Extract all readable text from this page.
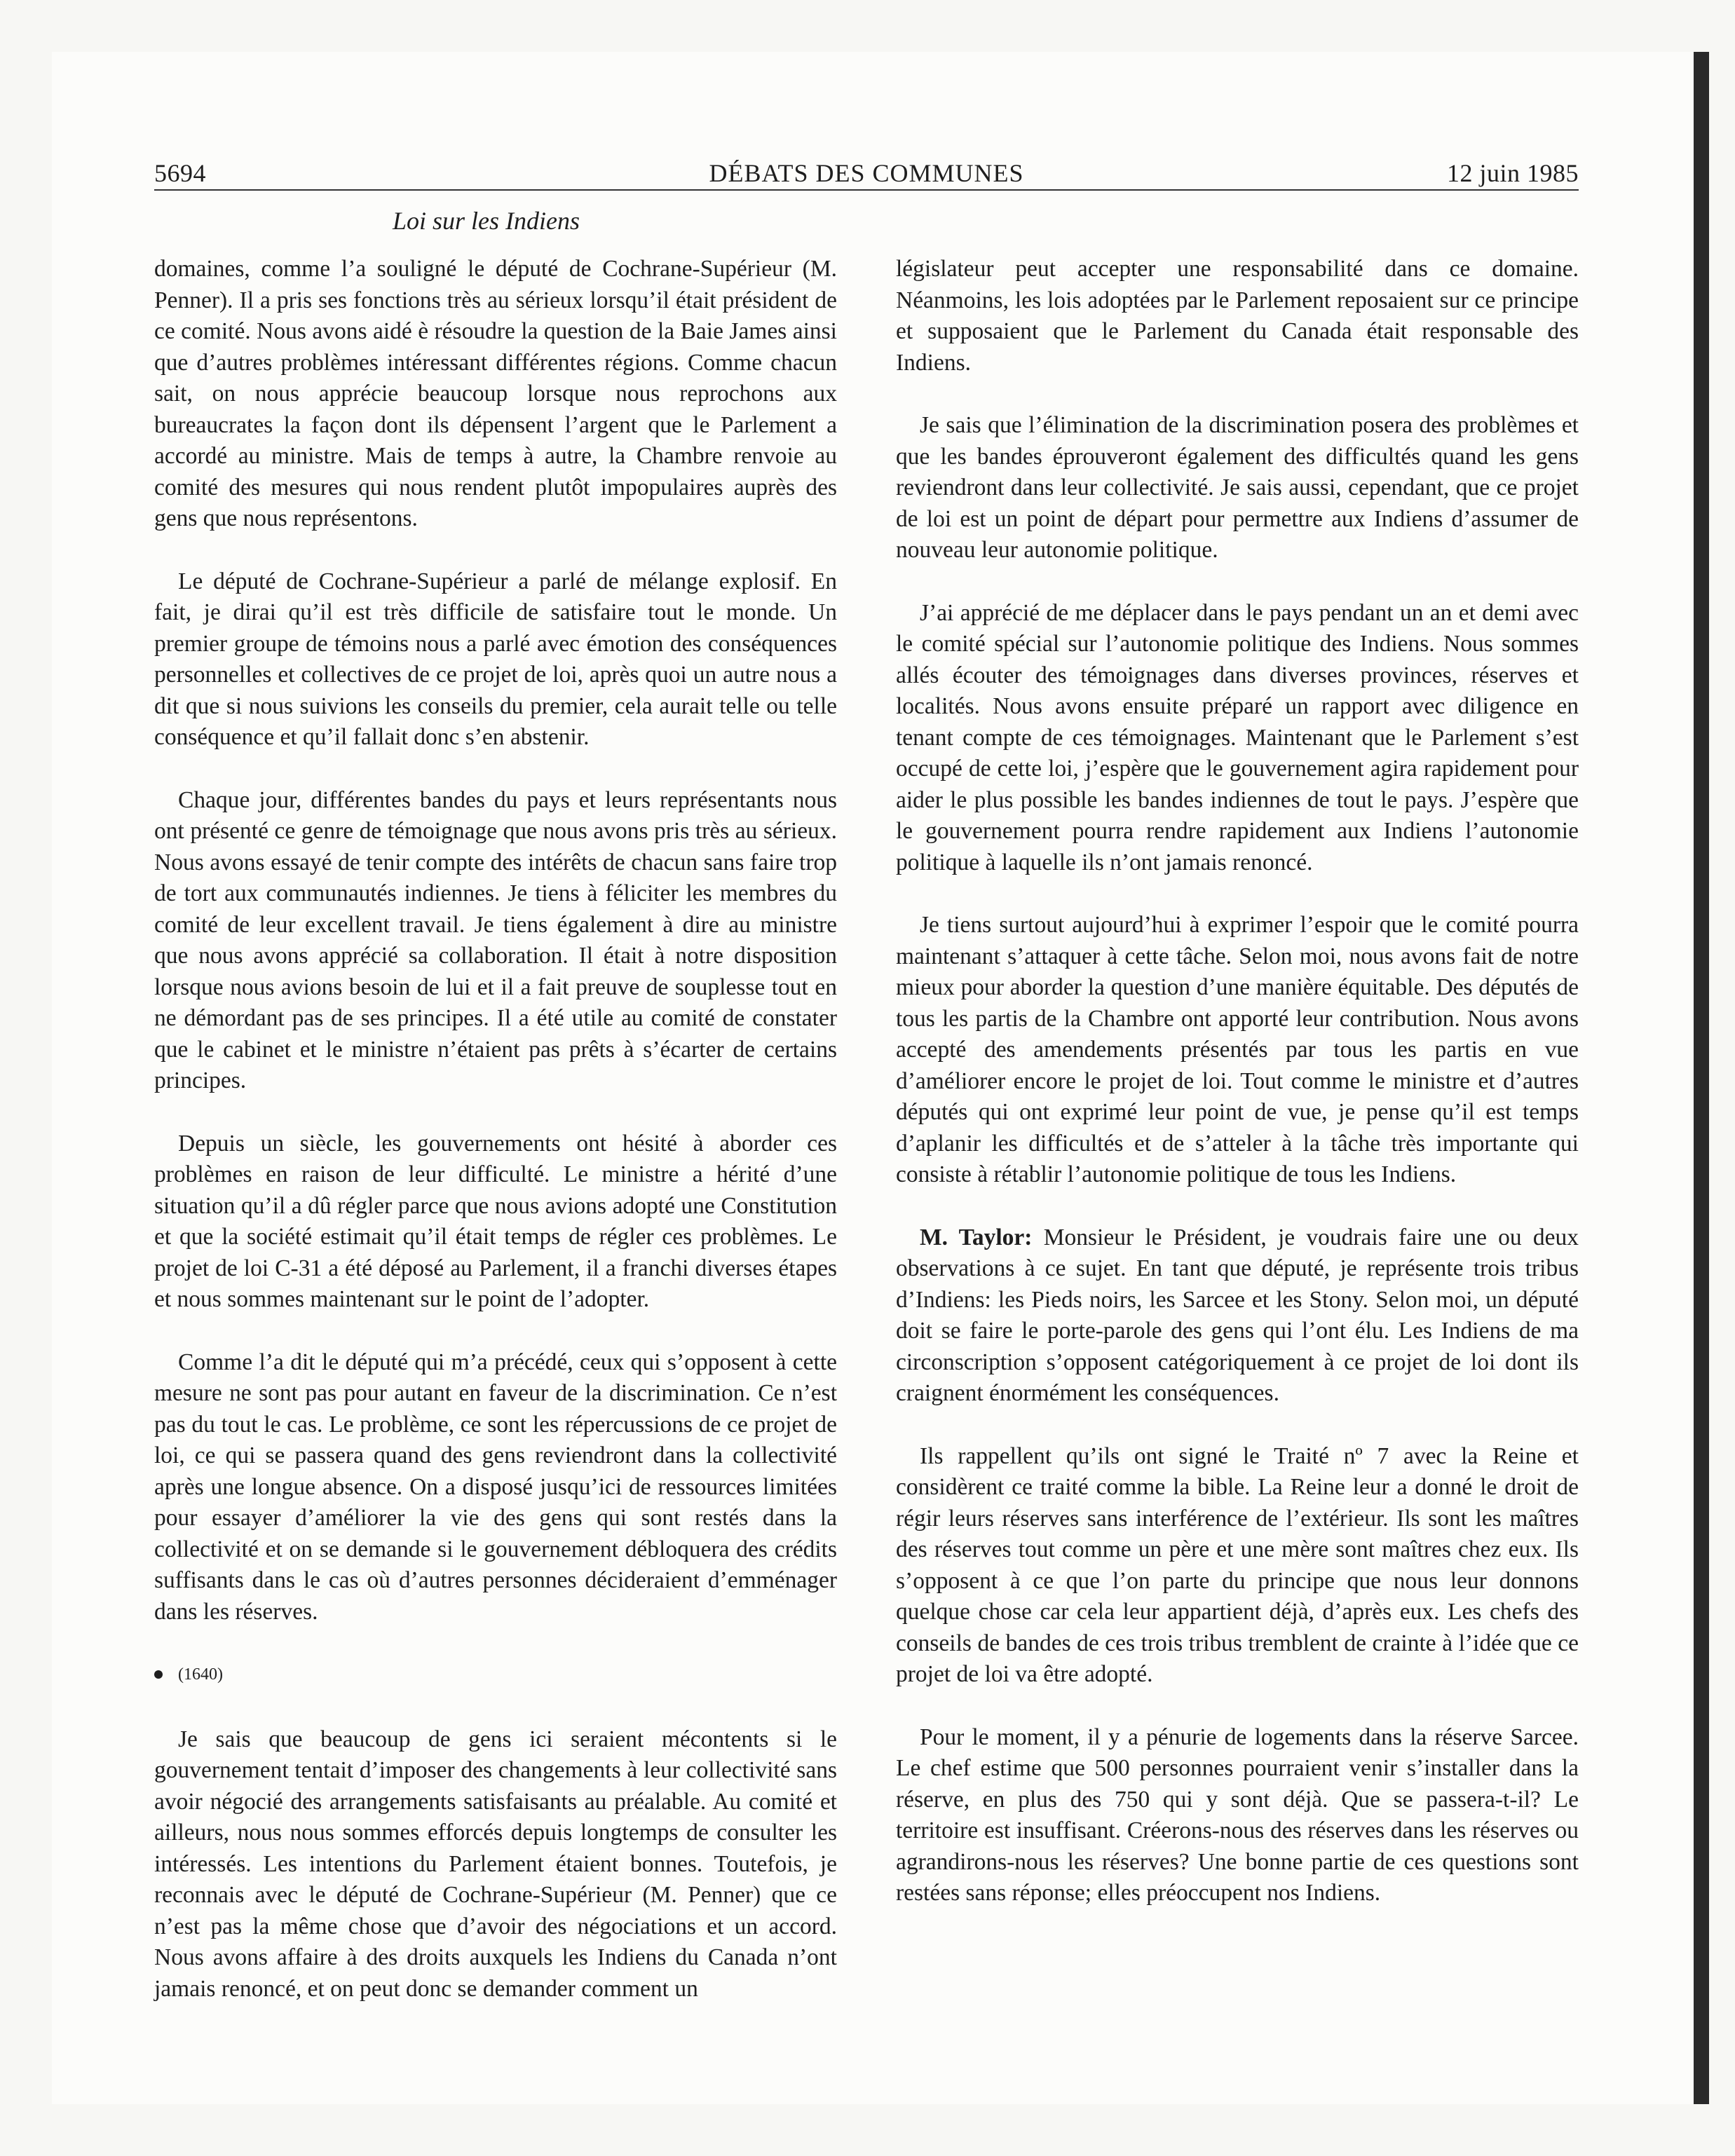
5694	DÉBATS DES COMMUNES	12 juin 1985
Loi sur les Indiens

domaines, comme l’a souligné le député de Cochrane-Supérieur (M. Penner). Il a pris ses fonctions très au sérieux lorsqu’il était président de ce comité. Nous avons aidé è résoudre la question de la Baie James ainsi que d’autres problèmes intéressant différentes régions. Comme chacun sait, on nous apprécie beaucoup lorsque nous reprochons aux bureaucrates la façon dont ils dépensent l’argent que le Parlement a accordé au ministre. Mais de temps à autre, la Chambre renvoie au comité des mesures qui nous rendent plutôt impopulaires auprès des gens que nous représentons.

Le député de Cochrane-Supérieur a parlé de mélange explosif. En fait, je dirai qu’il est très difficile de satisfaire tout le monde. Un premier groupe de témoins nous a parlé avec émotion des conséquences personnelles et collectives de ce projet de loi, après quoi un autre nous a dit que si nous suivions les conseils du premier, cela aurait telle ou telle conséquence et qu’il fallait donc s’en abstenir.

Chaque jour, différentes bandes du pays et leurs représentants nous ont présenté ce genre de témoignage que nous avons pris très au sérieux. Nous avons essayé de tenir compte des intérêts de chacun sans faire trop de tort aux communautés indiennes. Je tiens à féliciter les membres du comité de leur excellent travail. Je tiens également à dire au ministre que nous avons apprécié sa collaboration. Il était à notre disposition lorsque nous avions besoin de lui et il a fait preuve de souplesse tout en ne démordant pas de ses principes. Il a été utile au comité de constater que le cabinet et le ministre n’étaient pas prêts à s’écarter de certains principes.

Depuis un siècle, les gouvernements ont hésité à aborder ces problèmes en raison de leur difficulté. Le ministre a hérité d’une situation qu’il a dû régler parce que nous avions adopté une Constitution et que la société estimait qu’il était temps de régler ces problèmes. Le projet de loi C-31 a été déposé au Parlement, il a franchi diverses étapes et nous sommes maintenant sur le point de l’adopter.

Comme l’a dit le député qui m’a précédé, ceux qui s’opposent à cette mesure ne sont pas pour autant en faveur de la discrimination. Ce n’est pas du tout le cas. Le problème, ce sont les répercussions de ce projet de loi, ce qui se passera quand des gens reviendront dans la collectivité après une longue absence. On a disposé jusqu’ici de ressources limitées pour essayer d’améliorer la vie des gens qui sont restés dans la collectivité et on se demande si le gouvernement débloquera des crédits suffisants dans le cas où d’autres personnes décideraient d’emménager dans les réserves.

(1640)

Je sais que beaucoup de gens ici seraient mécontents si le gouvernement tentait d’imposer des changements à leur collectivité sans avoir négocié des arrangements satisfaisants au préalable. Au comité et ailleurs, nous nous sommes efforcés depuis longtemps de consulter les intéressés. Les intentions du Parlement étaient bonnes. Toutefois, je reconnais avec le député de Cochrane-Supérieur (M. Penner) que ce n’est pas la même chose que d’avoir des négociations et un accord. Nous avons affaire à des droits auxquels les Indiens du Canada n’ont jamais renoncé, et on peut donc se demander comment un

législateur peut accepter une responsabilité dans ce domaine. Néanmoins, les lois adoptées par le Parlement reposaient sur ce principe et supposaient que le Parlement du Canada était responsable des Indiens.

Je sais que l’élimination de la discrimination posera des problèmes et que les bandes éprouveront également des difficultés quand les gens reviendront dans leur collectivité. Je sais aussi, cependant, que ce projet de loi est un point de départ pour permettre aux Indiens d’assumer de nouveau leur autonomie politique.

J’ai apprécié de me déplacer dans le pays pendant un an et demi avec le comité spécial sur l’autonomie politique des Indiens. Nous sommes allés écouter des témoignages dans diverses provinces, réserves et localités. Nous avons ensuite préparé un rapport avec diligence en tenant compte de ces témoignages. Maintenant que le Parlement s’est occupé de cette loi, j’espère que le gouvernement agira rapidement pour aider le plus possible les bandes indiennes de tout le pays. J’espère que le gouvernement pourra rendre rapidement aux Indiens l’autonomie politique à laquelle ils n’ont jamais renoncé.

Je tiens surtout aujourd’hui à exprimer l’espoir que le comité pourra maintenant s’attaquer à cette tâche. Selon moi, nous avons fait de notre mieux pour aborder la question d’une manière équitable. Des députés de tous les partis de la Chambre ont apporté leur contribution. Nous avons accepté des amendements présentés par tous les partis en vue d’améliorer encore le projet de loi. Tout comme le ministre et d’autres députés qui ont exprimé leur point de vue, je pense qu’il est temps d’aplanir les difficultés et de s’atteler à la tâche très importante qui consiste à rétablir l’autonomie politique de tous les Indiens.

M. Taylor: Monsieur le Président, je voudrais faire une ou deux observations à ce sujet. En tant que député, je représente trois tribus d’Indiens: les Pieds noirs, les Sarcee et les Stony. Selon moi, un député doit se faire le porte-parole des gens qui l’ont élu. Les Indiens de ma circonscription s’opposent catégoriquement à ce projet de loi dont ils craignent énormément les conséquences.

Ils rappellent qu’ils ont signé le Traité nº 7 avec la Reine et considèrent ce traité comme la bible. La Reine leur a donné le droit de régir leurs réserves sans interférence de l’extérieur. Ils sont les maîtres des réserves tout comme un père et une mère sont maîtres chez eux. Ils s’opposent à ce que l’on parte du principe que nous leur donnons quelque chose car cela leur appartient déjà, d’après eux. Les chefs des conseils de bandes de ces trois tribus tremblent de crainte à l’idée que ce projet de loi va être adopté.

Pour le moment, il y a pénurie de logements dans la réserve Sarcee. Le chef estime que 500 personnes pourraient venir s’installer dans la réserve, en plus des 750 qui y sont déjà. Que se passera-t-il? Le territoire est insuffisant. Créerons-nous des réserves dans les réserves ou agrandirons-nous les réserves? Une bonne partie de ces questions sont restées sans réponse; elles préoccupent nos Indiens.
